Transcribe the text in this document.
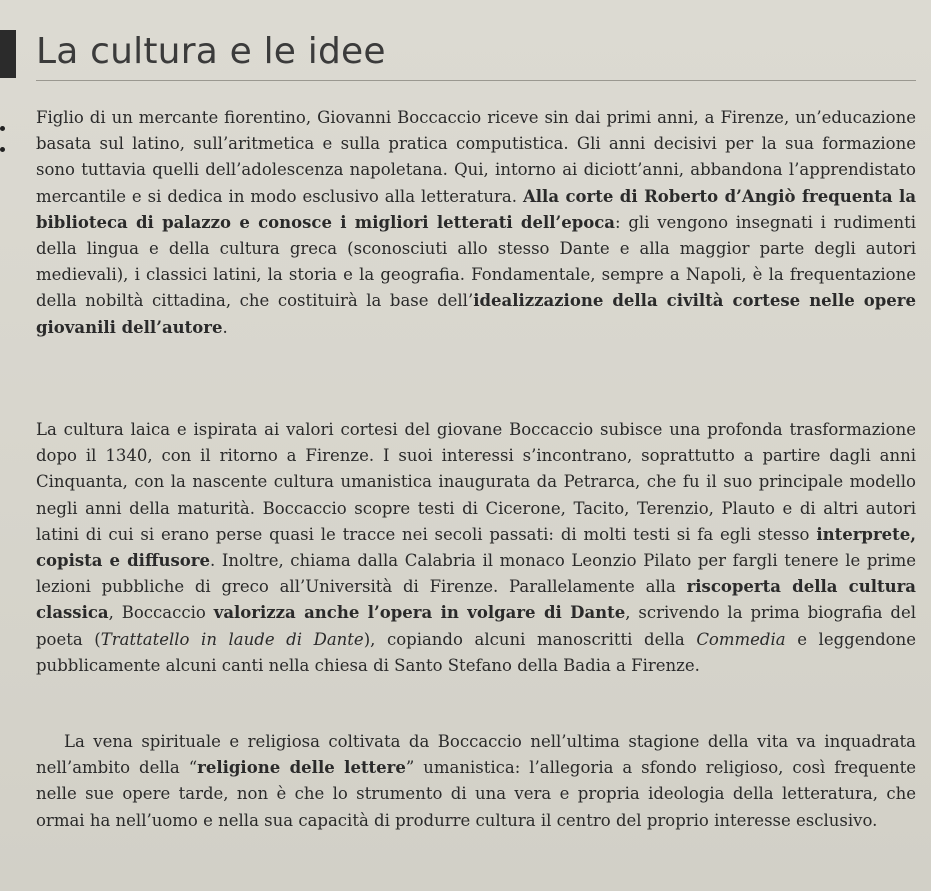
La cultura e le idee

Figlio di un mercante fiorentino, Giovanni Boccaccio riceve sin dai primi anni, a Firenze, un’educazione basata sul latino, sull’aritmetica e sulla pratica computistica. Gli anni decisivi per la sua formazione sono tuttavia quelli dell’adolescenza napoletana. Qui, intorno ai diciott’anni, abbandona l’apprendistato mercantile e si dedica in modo esclusivo alla letteratura. Alla corte di Roberto d’Angiò frequenta la biblioteca di palazzo e conosce i migliori letterati dell’epoca: gli vengono insegnati i rudimenti della lingua e della cultura greca (sconosciuti allo stesso Dante e alla maggior parte degli autori medievali), i classici latini, la storia e la geografia. Fondamentale, sempre a Napoli, è la frequentazione della nobiltà cittadina, che costituirà la base dell’idealizzazione della civiltà cortese nelle opere giovanili dell’autore.

La cultura laica e ispirata ai valori cortesi del giovane Boccaccio subisce una profonda trasformazione dopo il 1340, con il ritorno a Firenze. I suoi interessi s’incontrano, soprattutto a partire dagli anni Cinquanta, con la nascente cultura umanistica inaugurata da Petrarca, che fu il suo principale modello negli anni della maturità. Boccaccio scopre testi di Cicerone, Tacito, Terenzio, Plauto e di altri autori latini di cui si erano perse quasi le tracce nei secoli passati: di molti testi si fa egli stesso interprete, copista e diffusore. Inoltre, chiama dalla Calabria il monaco Leonzio Pilato per fargli tenere le prime lezioni pubbliche di greco all’Università di Firenze. Parallelamente alla riscoperta della cultura classica, Boccaccio valorizza anche l’opera in volgare di Dante, scrivendo la prima biografia del poeta (Trattatello in laude di Dante), copiando alcuni manoscritti della Commedia e leggendone pubblicamente alcuni canti nella chiesa di Santo Stefano della Badia a Firenze.

La vena spirituale e religiosa coltivata da Boccaccio nell’ultima stagione della vita va inquadrata nell’ambito della “religione delle lettere” umanistica: l’allegoria a sfondo religioso, così frequente nelle sue opere tarde, non è che lo strumento di una vera e propria ideologia della letteratura, che ormai ha nell’uomo e nella sua capacità di produrre cultura il centro del proprio interesse esclusivo.
